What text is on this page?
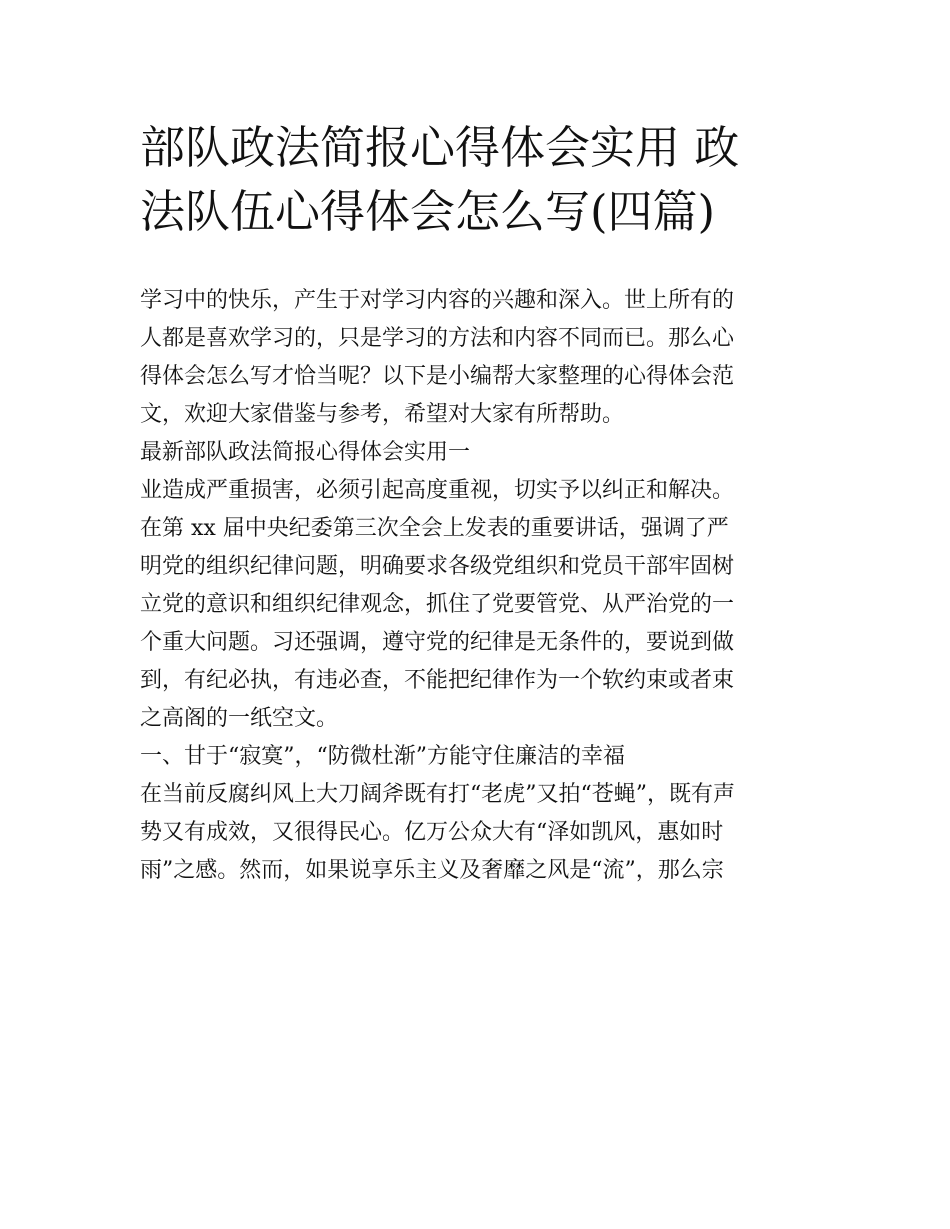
部队政法简报心得体会实用 政
法队伍心得体会怎么写(四篇)
学习中的快乐，产生于对学习内容的兴趣和深入。世上所有的
人都是喜欢学习的，只是学习的方法和内容不同而已。那么心
得体会怎么写才恰当呢？以下是小编帮大家整理的心得体会范
文，欢迎大家借鉴与参考，希望对大家有所帮助。
最新部队政法简报心得体会实用一
业造成严重损害，必须引起高度重视，切实予以纠正和解决。
在第 xx 届中央纪委第三次全会上发表的重要讲话，强调了严
明党的组织纪律问题，明确要求各级党组织和党员干部牢固树
立党的意识和组织纪律观念，抓住了党要管党、从严治党的一
个重大问题。习还强调，遵守党的纪律是无条件的，要说到做
到，有纪必执，有违必查，不能把纪律作为一个软约束或者束
之高阁的一纸空文。
一、甘于“寂寞”，“防微杜渐”方能守住廉洁的幸福
在当前反腐纠风上大刀阔斧既有打“老虎”又拍“苍蝇”，既有声
势又有成效，又很得民心。亿万公众大有“泽如凯风，惠如时
雨”之感。然而，如果说享乐主义及奢靡之风是“流”，那么宗
